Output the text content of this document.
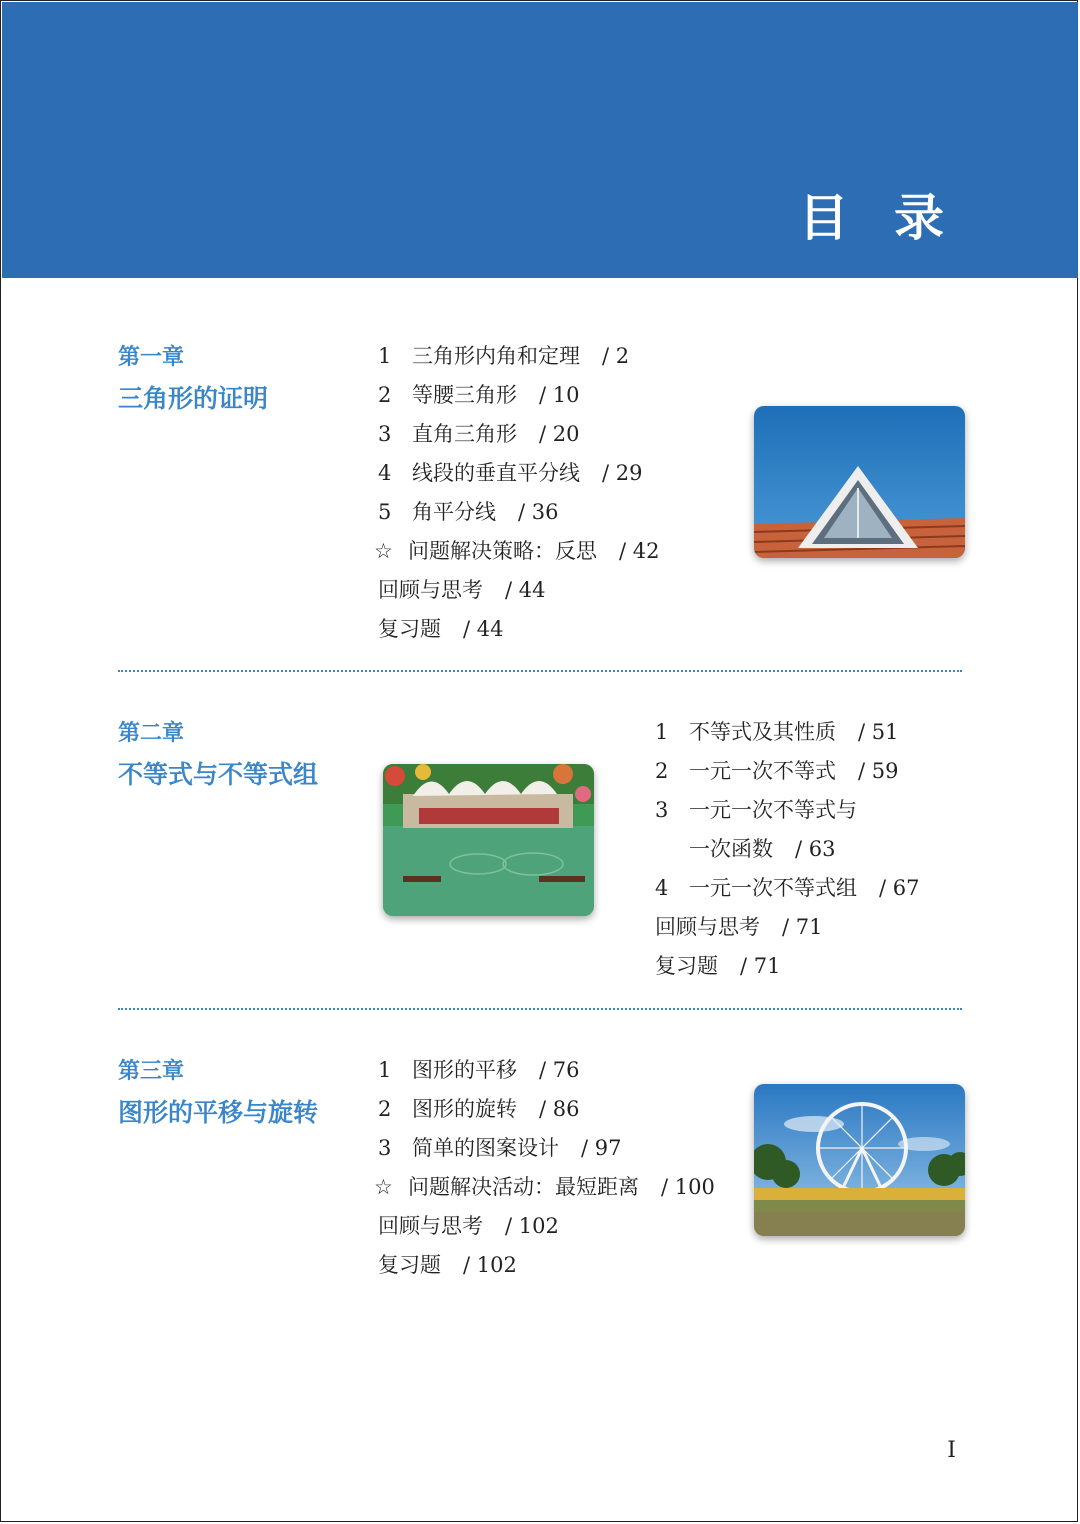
目 录
第一章
三角形的证明
1 三角形内角和定理 / 2
2 等腰三角形 / 10
3 直角三角形 / 20
4 线段的垂直平分线 / 29
5 角平分线 / 36
☆ 问题解决策略：反思 / 42
回顾与思考 / 44
复习题 / 44
第二章
不等式与不等式组
1 不等式及其性质 / 51
2 一元一次不等式 / 59
3 一元一次不等式与
一次函数 / 63
4 一元一次不等式组 / 67
回顾与思考 / 71
复习题 / 71
第三章
图形的平移与旋转
1 图形的平移 / 76
2 图形的旋转 / 86
3 简单的图案设计 / 97
☆ 问题解决活动：最短距离 / 100
回顾与思考 / 102
复习题 / 102
I
